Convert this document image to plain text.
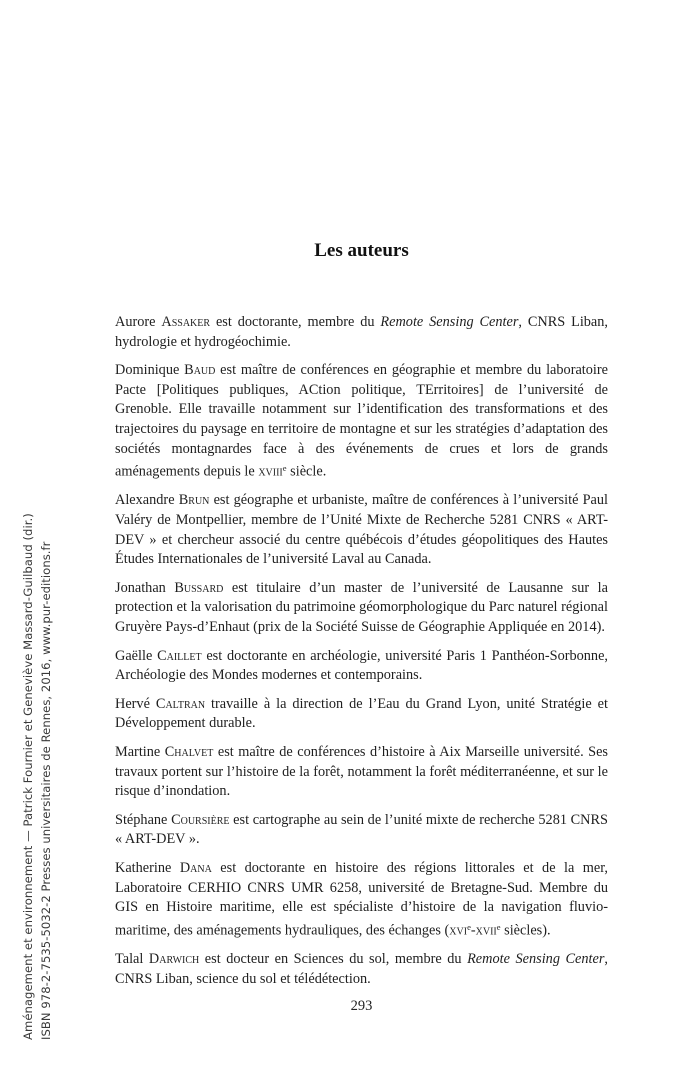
Aménagement et environnement — Patrick Fournier et Geneviève Massard-Guilbaud (dir.) ISBN 978-2-7535-5032-2 Presses universitaires de Rennes, 2016, www.pur-editions.fr
Les auteurs

Aurore Assaker est doctorante, membre du Remote Sensing Center, CNRS Liban, hydrologie et hydrogéochimie.

Dominique Baud est maître de conférences en géographie et membre du laboratoire Pacte [Politiques publiques, ACtion politique, TErritoires] de l’université de Grenoble. Elle travaille notamment sur l’identification des transformations et des trajectoires du paysage en territoire de montagne et sur les stratégies d’adaptation des sociétés montagnardes face à des événements de crues et lors de grands aménagements depuis le xviii$^e$ siècle.

Alexandre Brun est géographe et urbaniste, maître de conférences à l’université Paul Valéry de Montpellier, membre de l’Unité Mixte de Recherche 5281 CNRS « ART-DEV » et chercheur associé du centre québécois d’études géopolitiques des Hautes Études Internationales de l’université Laval au Canada.

Jonathan Bussard est titulaire d’un master de l’université de Lausanne sur la protection et la valorisation du patrimoine géomorphologique du Parc naturel régional Gruyère Pays-d’Enhaut (prix de la Société Suisse de Géographie Appliquée en 2014).

Gaëlle Caillet est doctorante en archéologie, université Paris 1 Panthéon-Sorbonne, Archéologie des Mondes modernes et contemporains.

Hervé Caltran travaille à la direction de l’Eau du Grand Lyon, unité Stratégie et Développement durable.

Martine Chalvet est maître de conférences d’histoire à Aix Marseille université. Ses travaux portent sur l’histoire de la forêt, notamment la forêt méditerranéenne, et sur le risque d’inondation.

Stéphane Coursière est cartographe au sein de l’unité mixte de recherche 5281 CNRS « ART-DEV ».

Katherine Dana est doctorante en histoire des régions littorales et de la mer, Laboratoire CERHIO CNRS UMR 6258, université de Bretagne-Sud. Membre du GIS en Histoire maritime, elle est spécialiste d’histoire de la navigation fluvio-maritime, des aménagements hydrauliques, des échanges (xvi$^e$-xvii$^e$ siècles).

Talal Darwich est docteur en Sciences du sol, membre du Remote Sensing Center, CNRS Liban, science du sol et télédétection.

293
